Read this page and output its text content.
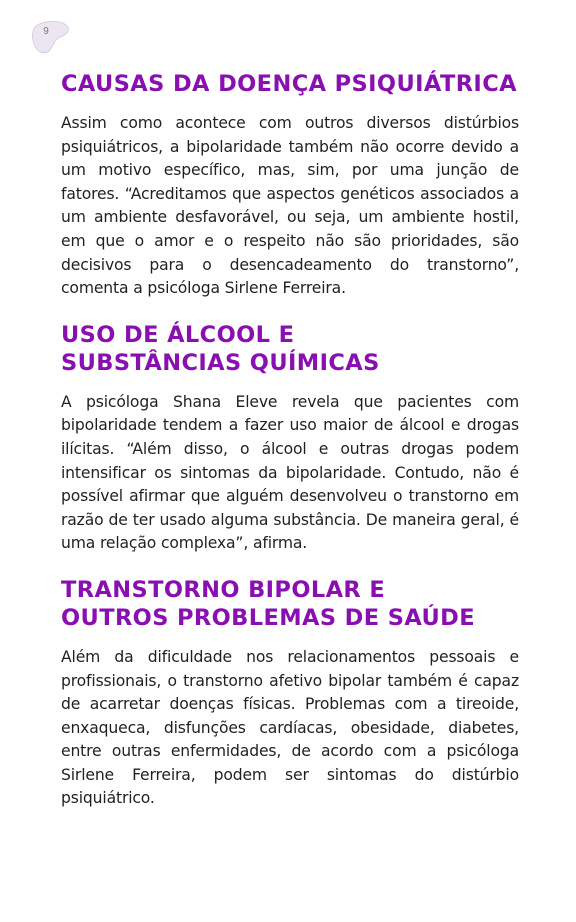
9
CAUSAS DA DOENÇA PSIQUIÁTRICA

Assim como acontece com outros diversos distúrbios psiquiátricos, a bipolaridade também não ocorre devido a um motivo específico, mas, sim, por uma junção de fatores. “Acreditamos que aspectos genéticos associados a um ambiente desfavorável, ou seja, um ambiente hostil, em que o amor e o respeito não são prioridades, são decisivos para o desencadeamento do transtorno”, comenta a psicóloga Sirlene Ferreira.

USO DE ÁLCOOL E
SUBSTÂNCIAS QUÍMICAS

A psicóloga Shana Eleve revela que pacientes com bipolaridade tendem a fazer uso maior de álcool e drogas ilícitas. “Além disso, o álcool e outras drogas podem intensificar os sintomas da bipolaridade. Contudo, não é possível afirmar que alguém desenvolveu o transtorno em razão de ter usado alguma substância. De maneira geral, é uma relação complexa”, afirma.

TRANSTORNO BIPOLAR E
OUTROS PROBLEMAS DE SAÚDE

Além da dificuldade nos relacionamentos pessoais e profissionais, o transtorno afetivo bipolar também é capaz de acarretar doenças físicas. Problemas com a tireoide, enxaqueca, disfunções cardíacas, obesidade, diabetes, entre outras enfermidades, de acordo com a psicóloga Sirlene Ferreira, podem ser sintomas do distúrbio psiquiátrico.
